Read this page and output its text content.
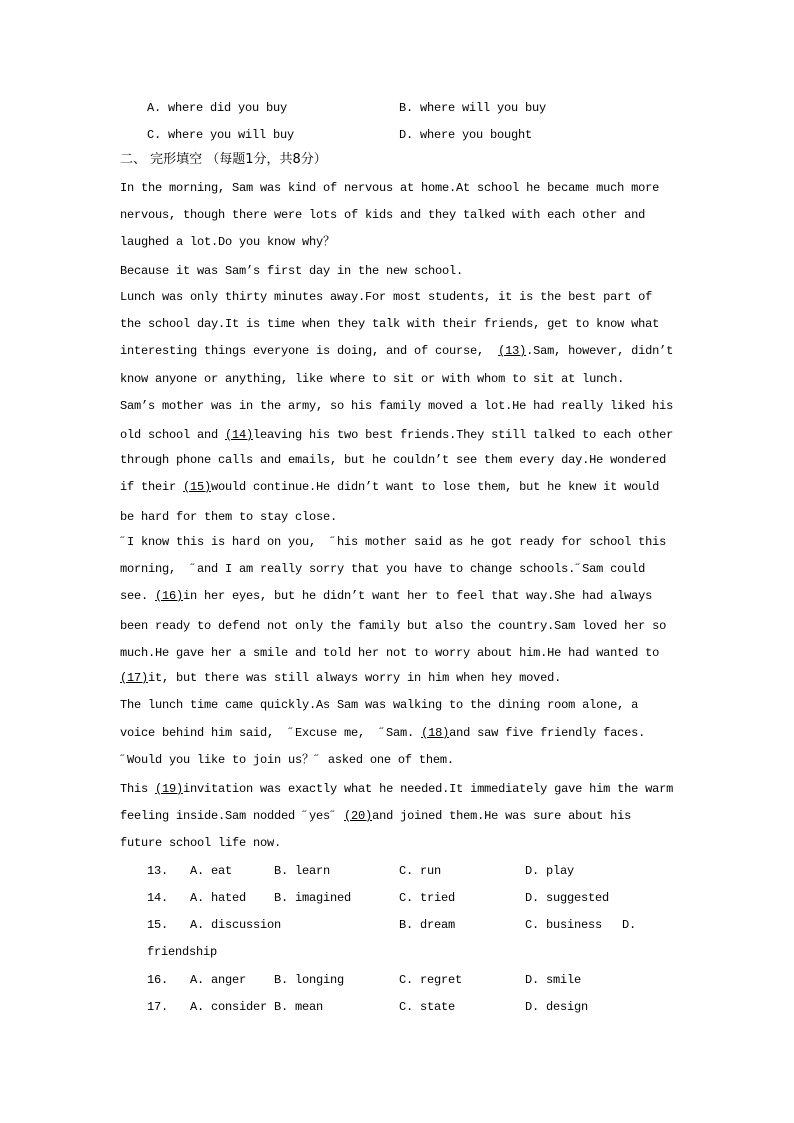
A. where did you buy	B. where will you buy
C. where you will buy	D. where you bought
二、 完形填空 （每题1分，共8分）
In the morning, Sam was kind of nervous at home.At school he became much more
nervous, though there were lots of kids and they talked with each other and
laughed a lot.Do you know why？
Because it was Sam’s first day in the new school.
Lunch was only thirty minutes away.For most students, it is the best part of
the school day.It is time when they talk with their friends, get to know what
interesting things everyone is doing, and of course,  (13).Sam, however, didn’t
know anyone or anything, like where to sit or with whom to sit at lunch.
Sam’s mother was in the army, so his family moved a lot.He had really liked his
old school and (14)leaving his two best friends.They still talked to each other
through phone calls and emails, but he couldn’t see them every day.He wondered
if their (15)would continue.He didn’t want to lose them, but he knew it would
be hard for them to stay close.
˝I know this is hard on you,  ˝his mother said as he got ready for school this
morning,  ˝and I am really sorry that you have to change schools.˝Sam could
see. (16)in her eyes, but he didn’t want her to feel that way.She had always
been ready to defend not only the family but also the country.Sam loved her so
much.He gave her a smile and told her not to worry about him.He had wanted to
(17)it, but there was still always worry in him when hey moved.
The lunch time came quickly.As Sam was walking to the dining room alone, a
voice behind him said,  ˝Excuse me,  ˝Sam. (18)and saw five friendly faces.
˝Would you like to join us？˝ asked one of them.
This (19)invitation was exactly what he needed.It immediately gave him the warm
feeling inside.Sam nodded ˝yes˝ (20)and joined them.He was sure about his
future school life now.
13. A. eat	B. learn	C. run	D. play
14. A. hated B. imagined	C. tried	D. suggested
15. A. discussion	B. dream	C. business D.
friendship
16. A. anger B. longing	C. regret	D. smile
17. A. consider B. mean	C. state	D. design
